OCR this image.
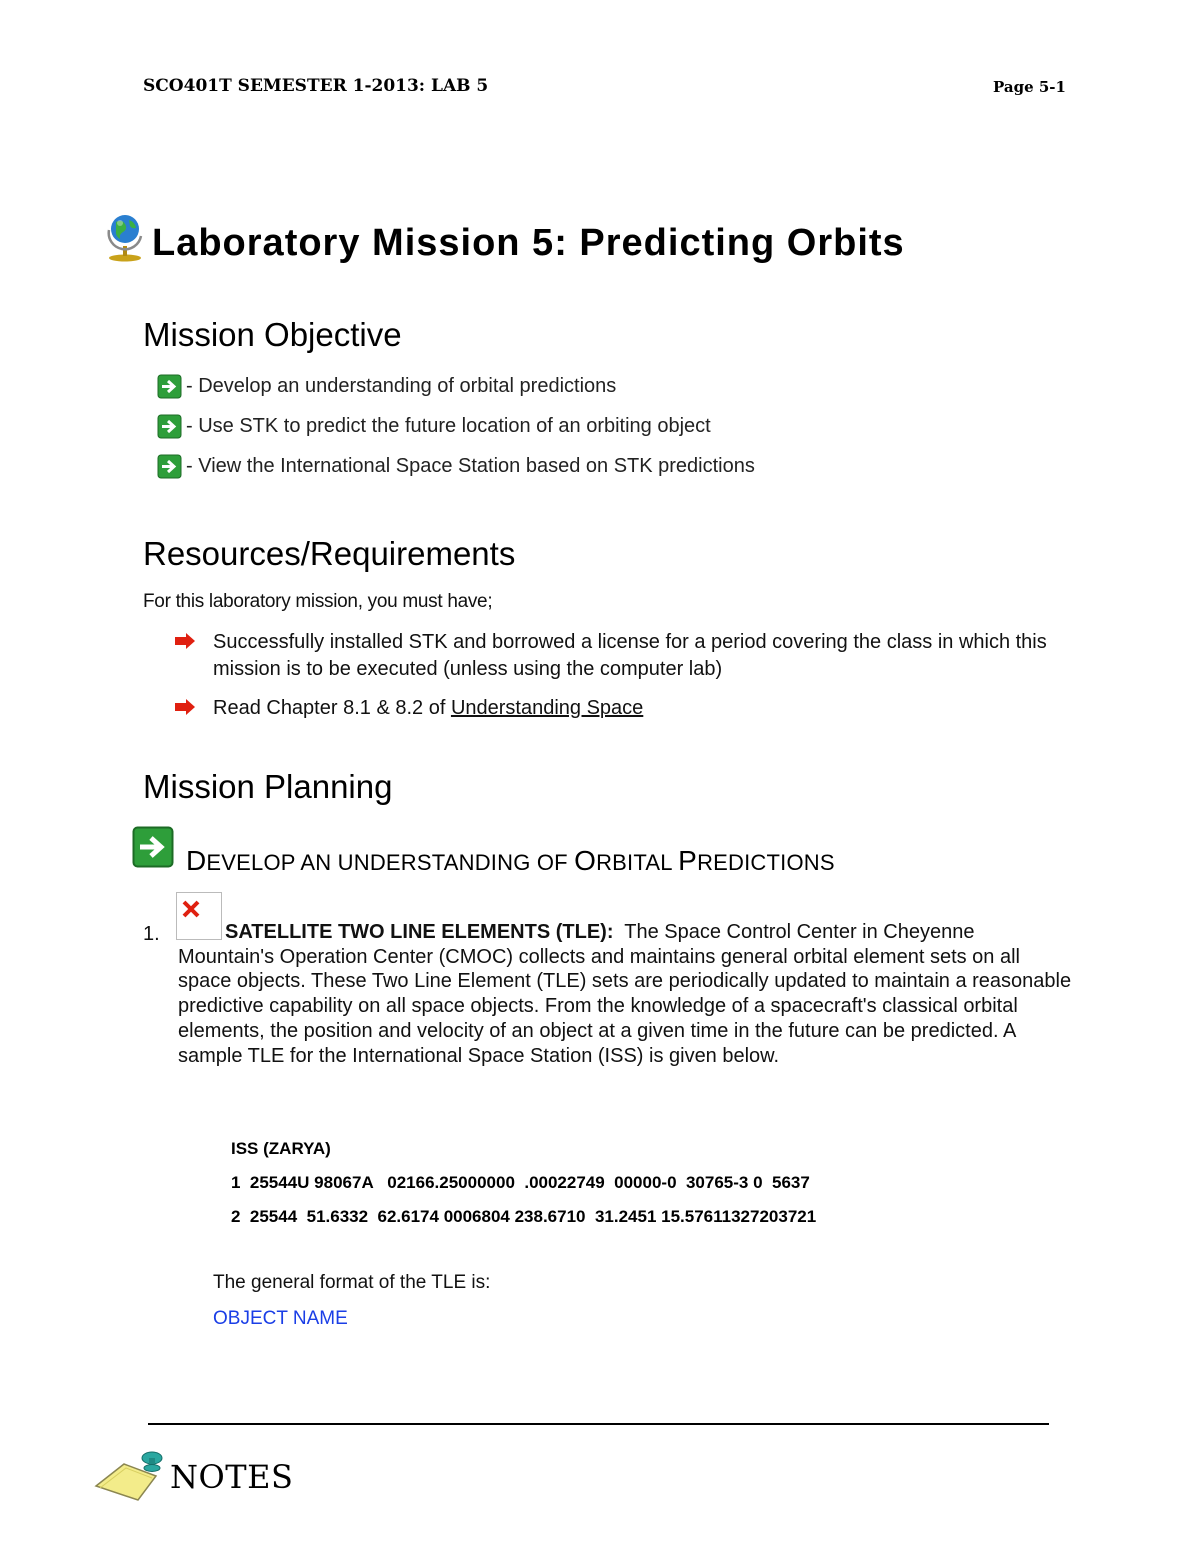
SCO401T SEMESTER 1-2013: LAB 5	Page 5-1
Laboratory Mission 5: Predicting Orbits
Mission Objective
- Develop an understanding of orbital predictions
- Use STK to predict the future location of an orbiting object
- View the International Space Station based on STK predictions
Resources/Requirements
For this laboratory mission, you must have;
Successfully installed STK and borrowed a license for a period covering the class in which this mission is to be executed (unless using the computer lab)
Read Chapter 8.1 & 8.2 of Understanding Space
Mission Planning
DEVELOP AN UNDERSTANDING OF ORBITAL PREDICTIONS
1.	SATELLITE TWO LINE ELEMENTS (TLE): The Space Control Center in Cheyenne Mountain's Operation Center (CMOC) collects and maintains general orbital element sets on all space objects. These Two Line Element (TLE) sets are periodically updated to maintain a reasonable predictive capability on all space objects. From the knowledge of a spacecraft's classical orbital elements, the position and velocity of an object at a given time in the future can be predicted. A sample TLE for the International Space Station (ISS) is given below.
ISS (ZARYA)
1  25544U 98067A   02166.25000000  .00022749  00000-0  30765-3 0  5637
2  25544  51.6332  62.6174 0006804 238.6710  31.2451 15.57611327203721
The general format of the TLE is:
OBJECT NAME
NOTES
